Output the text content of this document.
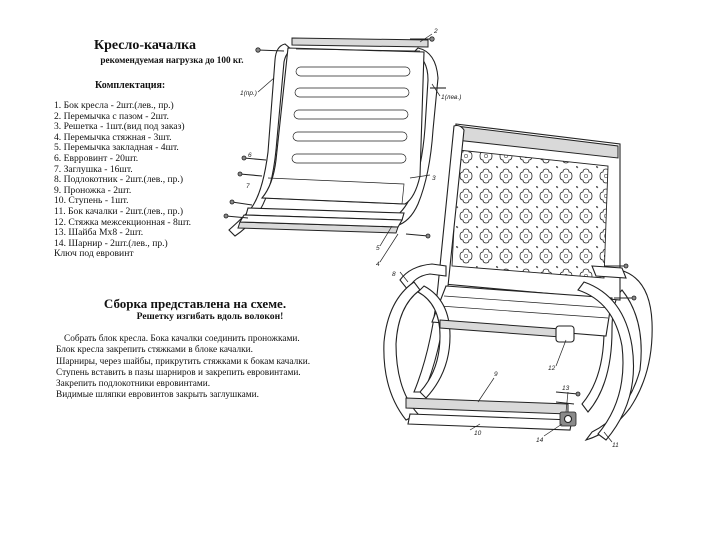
Кресло-качалка
рекомендуемая нагрузка до 100 кг.
Комплектация:
1. Бок кресла - 2шт.(лев., пр.)
2. Перемычка с пазом - 2шт.
3. Решетка - 1шт.(вид под заказ)
4. Перемычка стяжная - 3шт.
5. Перемычка закладная - 4шт.
6. Еврровинт - 20шт.
7. Заглушка - 16шт.
8. Подлокотник - 2шт.(лев., пр.)
9. Проножка - 2шт.
10. Ступень - 1шт.
11. Бок качалки - 2шт.(лев., пр.)
12. Стяжка межсекционная - 8шт.
13. Шайба Мх8 - 2шт.
14. Шарнир - 2шт.(лев., пр.)
Ключ под евровинт
Сборка представлена на схеме.
Решетку изгибать вдоль волокон!
Собрать блок кресла. Бока качалки соединить проножками.
Блок кресла закрепить стяжками в блоке качалки.
Шарниры, через шайбы, прикрутить стяжками к бокам качалки.
Ступень вставить в пазы шарниров и закрепить евровинтами.
Закрепить подлокотники евровинтами.
Видимые шляпки евровинтов закрыть заглушками.
1(пр.)
1(лев.)
2
3
6
7
5
4
8
9
10
11
12
13
14
